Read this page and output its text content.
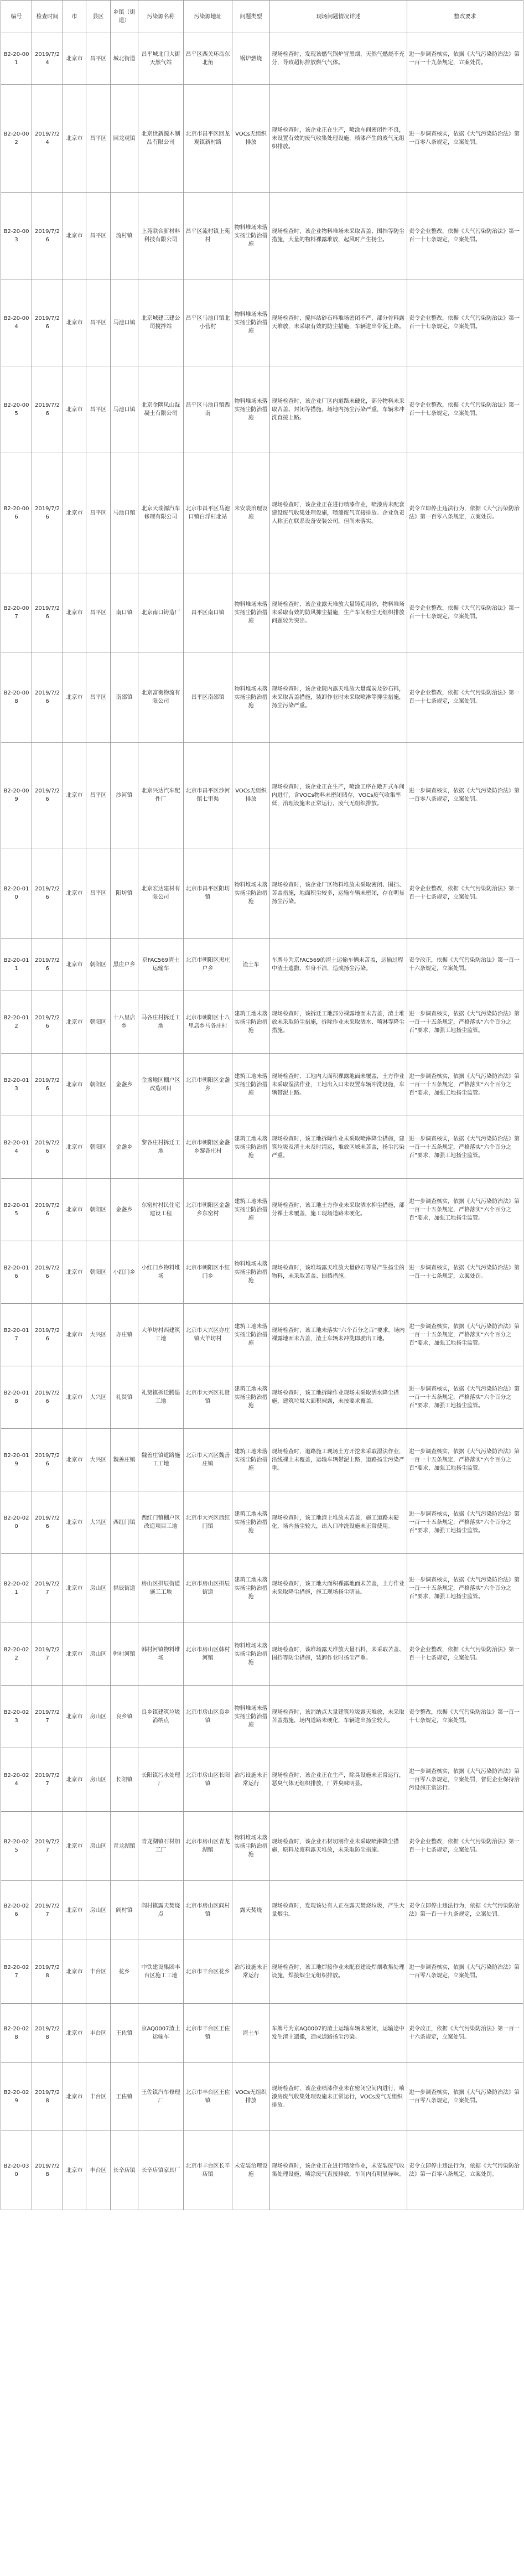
编号	检查时间	市	县区	乡镇（街道）	污染源名称	污染源地址	问题类型	现场问题情况详述	整改要求
B2-20-001	2019/7/24	北京市	昌平区	城北街道	昌平城北门大街天然气站	昌平区西关环岛东北角	锅炉燃烧	现场检查时，发现该燃气锅炉冒黑烟，天然气燃烧不充分，导致超标排放燃气气体。	进一步调查核实，依据《大气污染防治法》第一百一十九条规定，立案处罚。
B2-20-002	2019/7/24	北京市	昌平区	回龙观镇	北京世新源木制品有限公司	北京市昌平区回龙观镇新村路	VOCs无组织排放	现场检查时，该企业正在生产，喷涂车间密闭性不良，未设置有效的废气收集处理设施，喷漆产生的废气无组织排放。	进一步调查核实，依据《大气污染防治法》第一百零八条规定，立案处罚。
B2-20-003	2019/7/26	北京市	昌平区	流村镇	上苑联合新材料科技有限公司	昌平区流村镇上苑村	物料堆场未落实扬尘防治措施	现场检查时，该企业物料堆场未采取苫盖、围挡等防尘措施，大量的物料裸露堆放，起风时产生扬尘。	责令企业整改，依据《大气污染防治法》第一百一十七条规定，立案处罚。
B2-20-004	2019/7/26	北京市	昌平区	马池口镇	北京城建三建公司搅拌站	昌平区马池口镇北小营村	物料堆场未落实扬尘防治措施	现场检查时，搅拌站砂石料堆场密闭不严，部分骨料露天堆放，未采取有效的防尘措施，车辆进出带泥上路。	责令企业整改，依据《大气污染防治法》第一百一十七条规定，立案处罚。
B2-20-005	2019/7/26	北京市	昌平区	马池口镇	北京金隅凤山混凝土有限公司	昌平区马池口镇西南	物料堆场未落实扬尘防治措施	现场检查时，该企业厂区内道路未硬化，部分物料未采取苫盖、封闭等措施，场地内扬尘污染严重，车辆未冲洗直接上路。	责令企业整改，依据《大气污染防治法》第一百一十七条规定，立案处罚。
B2-20-006	2019/7/26	北京市	昌平区	马池口镇	北京天瑞源汽车修理有限公司	北京市昌平区马池口镇白浮村北站	未安装治理设施	现场检查时，该企业正在进行喷漆作业，喷漆房未配套建设废气收集处理设施，喷漆废气直接排放。企业负责人称正在联系设备安装公司，但尚未落实。	责令立即停止违法行为，依据《大气污染防治法》第一百零八条规定，立案处罚。
B2-20-007	2019/7/26	北京市	昌平区	南口镇	北京南口铸造厂	昌平区南口镇	物料堆场未落实扬尘防治措施	现场检查时，该企业露天堆放大量铸造用砂，物料堆场未采取有效的防风抑尘措施，生产车间粉尘无组织排放问题较为突出。	责令企业整改，依据《大气污染防治法》第一百一十七条规定，立案处罚。
B2-20-008	2019/7/26	北京市	昌平区	南邵镇	北京富衡物流有限公司	昌平区南邵镇	物料堆场未落实扬尘防治措施	现场检查时，该企业院内露天堆放大量煤炭及砂石料，未采取苫盖措施，装卸作业时未采取喷淋等抑尘措施，扬尘污染严重。	责令企业整改，依据《大气污染防治法》第一百一十七条规定，立案处罚。
B2-20-009	2019/7/26	北京市	昌平区	沙河镇	北京兴达汽车配件厂	北京市昌平区沙河镇七里渠	VOCs无组织排放	现场检查时，该企业正在生产，喷涂工序在敞开式车间内进行，含VOCs物料未密闭储存，VOCs废气收集率低，治理设施未正常运行，废气无组织排放。	进一步调查核实，依据《大气污染防治法》第一百零八条规定，立案处罚。
B2-20-010	2019/7/26	北京市	昌平区	阳坊镇	北京宏达建材有限公司	北京市昌平区阳坊镇	物料堆场未落实扬尘防治措施	现场检查时，该企业厂区物料堆放未采取密闭、围挡、苫盖措施，地面积尘较多，运输车辆未密闭，存在明显扬尘污染。	责令企业整改，依据《大气污染防治法》第一百一十七条规定，立案处罚。
B2-20-011	2019/7/26	北京市	朝阳区	黑庄户乡	京FAC569渣土运输车	北京市朝阳区黑庄户乡	渣土车	车牌号为京FAC569的渣土运输车辆未苫盖，运输过程中渣土遗撒，车身不洁，造成扬尘污染。	责令改正，依据《大气污染防治法》第一百一十六条规定，立案处罚。
B2-20-012	2019/7/26	北京市	朝阳区	十八里店乡	马各庄村拆迁工地	北京市朝阳区十八里店乡马各庄村	建筑工地未落实扬尘防治措施	现场检查时，该拆迁工地部分裸露地面未苫盖，渣土堆放未采取防尘措施，拆除作业未采取洒水、喷淋等降尘措施。	进一步调查核实，依据《大气污染防治法》第一百一十五条规定，严格落实“六个百分之百”要求，加强工地扬尘监管。
B2-20-013	2019/7/26	北京市	朝阳区	金盏乡	金盏地区棚户区改造项目	北京市朝阳区金盏乡	建筑工地未落实扬尘防治措施	现场检查时，工地内大面积裸露地面未覆盖，土方作业未采取湿法作业，工地出入口未设置车辆冲洗设施，车辆带泥上路。	进一步调查核实，依据《大气污染防治法》第一百一十五条规定，严格落实“六个百分之百”要求，加强工地扬尘监管。
B2-20-014	2019/7/26	北京市	朝阳区	金盏乡	黎各庄村拆迁工地	北京市朝阳区金盏乡黎各庄村	建筑工地未落实扬尘防治措施	现场检查时，该工地拆除作业未采取喷淋降尘措施，建筑垃圾及渣土未及时清运，堆放区域未苫盖，扬尘污染严重。	进一步调查核实，依据《大气污染防治法》第一百一十五条规定，严格落实“六个百分之百”要求，加强工地扬尘监管。
B2-20-015	2019/7/26	北京市	朝阳区	金盏乡	东窑村村民住宅建设工程	北京市朝阳区金盏乡东窑村	建筑工地未落实扬尘防治措施	现场检查时，该工地土方作业未采取洒水抑尘措施，部分裸土未覆盖，施工现场道路未硬化。	进一步调查核实，依据《大气污染防治法》第一百一十五条规定，严格落实“六个百分之百”要求，加强工地扬尘监管。
B2-20-016	2019/7/26	北京市	朝阳区	小红门乡	小红门乡物料堆场	北京市朝阳区小红门乡	物料堆场未落实扬尘防治措施	现场检查时，该堆场露天堆放大量砂石等易产生扬尘的物料，未采取苫盖、围挡措施。	进一步调查核实，依据《大气污染防治法》第一百一十七条规定，立案处罚。
B2-20-017	2019/7/26	北京市	大兴区	亦庄镇	大羊坊村西建筑工地	北京市大兴区亦庄镇大羊坊村	建筑工地未落实扬尘防治措施	现场检查时，该工地未落实“六个百分之百”要求，场内裸露地面未苫盖，渣土车辆未冲洗即驶出工地。	进一步调查核实，依据《大气污染防治法》第一百一十五条规定，严格落实“六个百分之百”要求，加强工地扬尘监管。
B2-20-018	2019/7/26	北京市	大兴区	礼贤镇	礼贤镇拆迁腾退工地	北京市大兴区礼贤镇	建筑工地未落实扬尘防治措施	现场检查时，该工地拆除作业现场未采取洒水降尘措施，建筑垃圾大面积裸露，未按要求覆盖。	进一步调查核实，依据《大气污染防治法》第一百一十五条规定，严格落实“六个百分之百”要求，加强工地扬尘监管。
B2-20-019	2019/7/26	北京市	大兴区	魏善庄镇	魏善庄镇道路施工工地	北京市大兴区魏善庄镇	建筑工地未落实扬尘防治措施	现场检查时，道路施工现场土方开挖未采取湿法作业，沿线裸土未覆盖，运输车辆带泥上路，道路扬尘污染严重。	进一步调查核实，依据《大气污染防治法》第一百一十五条规定，严格落实“六个百分之百”要求，加强工地扬尘监管。
B2-20-020	2019/7/26	北京市	大兴区	西红门镇	西红门镇棚户区改造项目工地	北京市大兴区西红门镇	建筑工地未落实扬尘防治措施	现场检查时，该工地渣土堆放未苫盖，施工道路未硬化，场内扬尘较大，出入口冲洗设施未正常使用。	进一步调查核实，依据《大气污染防治法》第一百一十五条规定，严格落实“六个百分之百”要求，加强工地扬尘监管。
B2-20-021	2019/7/27	北京市	房山区	拱辰街道	房山区拱辰街道施工工地	北京市房山区拱辰街道	建筑工地未落实扬尘防治措施	现场检查时，该工地大面积裸露地面未苫盖，土方作业未采取降尘措施，施工现场扬尘明显。	进一步调查核实，依据《大气污染防治法》第一百一十五条规定，严格落实“六个百分之百”要求，加强工地扬尘监管。
B2-20-022	2019/7/27	北京市	房山区	韩村河镇	韩村河镇物料堆场	北京市房山区韩村河镇	物料堆场未落实扬尘防治措施	现场检查时，该堆场露天堆放大量石料，未采取苫盖、围挡等防尘措施，装卸作业时扬尘严重。	责令企业整改，依据《大气污染防治法》第一百一十七条规定，立案处罚。
B2-20-023	2019/7/27	北京市	房山区	良乡镇	良乡镇建筑垃圾消纳点	北京市房山区良乡镇	物料堆场未落实扬尘防治措施	现场检查时，该消纳点大量建筑垃圾露天堆放，未采取苫盖措施，场内道路未硬化，车辆进出扬尘较大。	责令整改，依据《大气污染防治法》第一百一十七条规定，立案处罚。
B2-20-024	2019/7/27	北京市	房山区	长阳镇	长阳镇污水处理厂	北京市房山区长阳镇	治污设施未正常运行	现场检查时，该企业正在生产，除臭设施未正常运行，恶臭气体无组织排放，厂界臭味明显。	进一步调查核实，依据《大气污染防治法》第一百零八条规定，立案处罚，督促企业保持治污设施正常运行。
B2-20-025	2019/7/27	北京市	房山区	青龙湖镇	青龙湖镇石材加工厂	北京市房山区青龙湖镇	物料堆场未落实扬尘防治措施	现场检查时，该企业石材切割作业未采取喷淋降尘措施，原料及废料露天堆放，未采取防尘措施。	责令企业整改，依据《大气污染防治法》第一百一十七条规定，立案处罚。
B2-20-026	2019/7/27	北京市	房山区	阎村镇	阎村镇露天焚烧点	北京市房山区阎村镇	露天焚烧	现场检查时，发现该处有人正在露天焚烧垃圾，产生大量烟尘。	责令立即停止违法行为，依据《大气污染防治法》第一百一十九条规定，立案处罚。
B2-20-027	2019/7/28	北京市	丰台区	花乡	中铁建设集团丰台区施工工地	北京市丰台区花乡	治污设施未正常运行	现场检查时，该工地焊接作业未配套建设焊烟收集处理设施，焊接烟尘无组织排放。	进一步调查核实，依据《大气污染防治法》第一百零八条规定，立案处罚。
B2-20-028	2019/7/28	北京市	丰台区	王佐镇	京AQ0007渣土运输车	北京市丰台区王佐镇	渣土车	车牌号为京AQ0007的渣土运输车辆未密闭，运输途中发生渣土遗撒，造成道路扬尘污染。	责令改正，依据《大气污染防治法》第一百一十六条规定，立案处罚。
B2-20-029	2019/7/28	北京市	丰台区	王佐镇	王佐镇汽车修理厂	北京市丰台区王佐镇	VOCs无组织排放	现场检查时，该企业喷漆作业未在密闭空间内进行，喷漆房废气收集处理设施未正常运行，VOCs废气无组织排放。	进一步调查核实，依据《大气污染防治法》第一百零八条规定，立案处罚。
B2-20-030	2019/7/28	北京市	丰台区	长辛店镇	长辛店镇家具厂	北京市丰台区长辛店镇	未安装治理设施	现场检查时，该企业正在进行喷涂作业，未安装废气收集处理设施，喷涂废气直接排放，车间内有明显异味。	责令立即停止违法行为，依据《大气污染防治法》第一百零八条规定，立案处罚。
